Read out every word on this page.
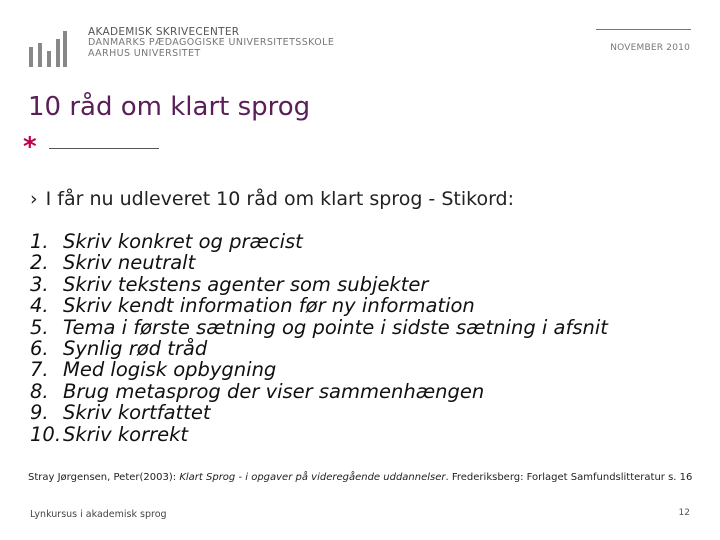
AKADEMISK SKRIVECENTER
DANMARKS PÆDAGOGISKE UNIVERSITETSSKOLE
AARHUS UNIVERSITET	NOVEMBER 2010
10 råd om klart sprog
*
› I får nu udleveret 10 råd om klart sprog - Stikord:
1. Skriv konkret og præcist
2. Skriv neutralt
3. Skriv tekstens agenter som subjekter
4. Skriv kendt information før ny information
5. Tema i første sætning og pointe i sidste sætning i afsnit
6. Synlig rød tråd
7. Med logisk opbygning
8. Brug metasprog der viser sammenhængen
9. Skriv kortfattet
10. Skriv korrekt
Stray Jørgensen, Peter(2003): Klart Sprog - i opgaver på videregående uddannelser. Frederiksberg: Forlaget Samfundslitteratur s. 16
Lynkursus i akademisk sprog	12
